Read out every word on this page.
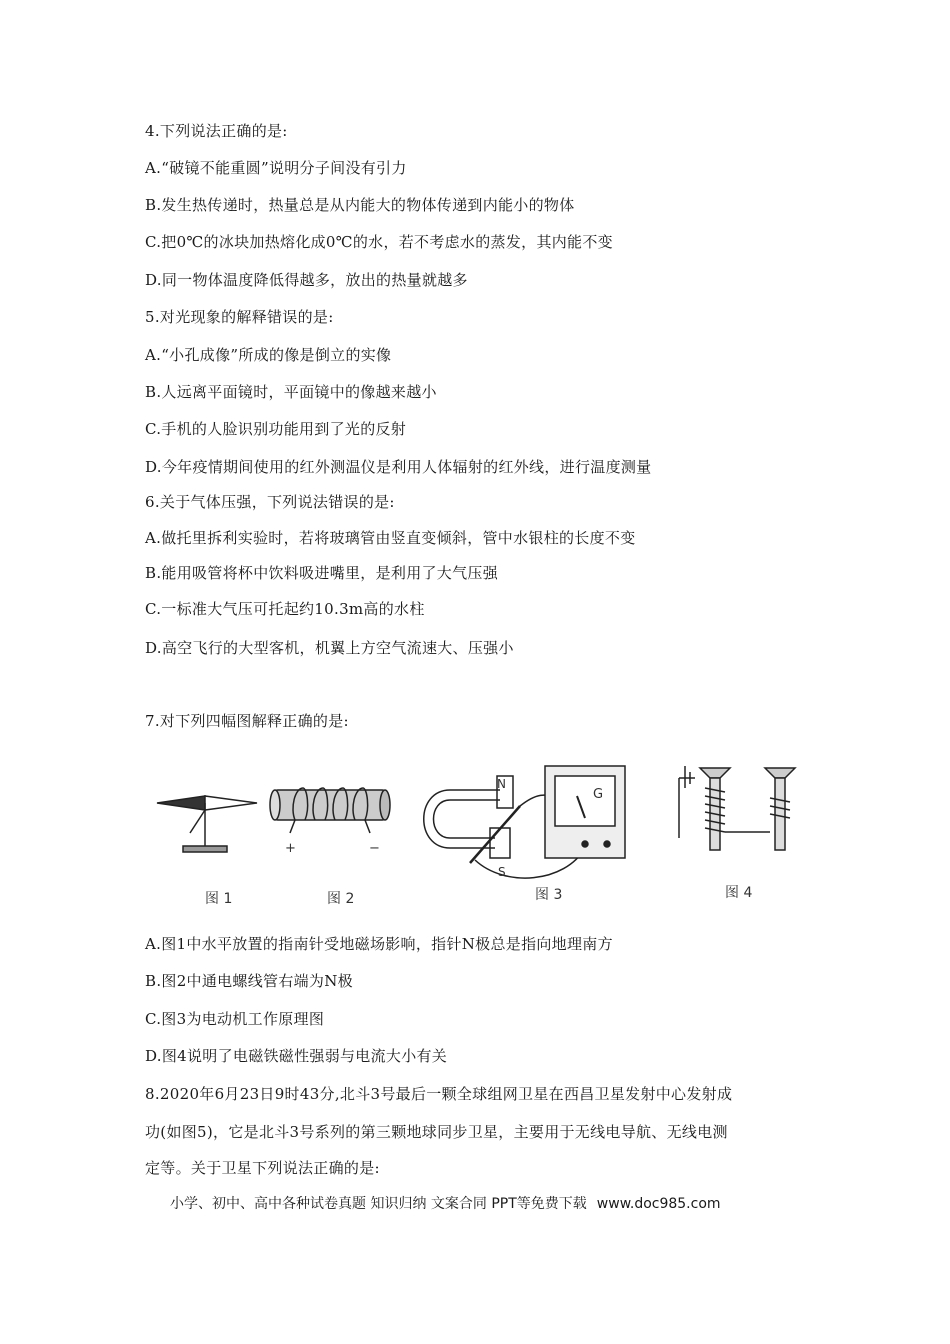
4.下列说法正确的是:
A.“破镜不能重圆”说明分子间没有引力
B.发生热传递时，热量总是从内能大的物体传递到内能小的物体
C.把0℃的冰块加热熔化成0℃的水，若不考虑水的蒸发，其内能不变
D.同一物体温度降低得越多，放出的热量就越多
5.对光现象的解释错误的是:
A.“小孔成像”所成的像是倒立的实像
B.人远离平面镜时，平面镜中的像越来越小
C.手机的人脸识别功能用到了光的反射
D.今年疫情期间使用的红外测温仪是利用人体辐射的红外线，进行温度测量
6.关于气体压强，下列说法错误的是:
A.做托里拆利实验时，若将玻璃管由竖直变倾斜，管中水银柱的长度不变
B.能用吸管将杯中饮料吸进嘴里，是利用了大气压强
C.一标准大气压可托起约10.3m高的水柱
D.高空飞行的大型客机，机翼上方空气流速大、压强小
7.对下列四幅图解释正确的是:
+	−
N
S
G
图 1	图 2	图 3	图 4
A.图1中水平放置的指南针受地磁场影响，指针N极总是指向地理南方
B.图2中通电螺线管右端为N极
C.图3为电动机工作原理图
D.图4说明了电磁铁磁性强弱与电流大小有关
8.2020年6月23日9时43分,北斗3号最后一颗全球组网卫星在西昌卫星发射中心发射成
功(如图5)，它是北斗3号系列的第三颗地球同步卫星，主要用于无线电导航、无线电测
定等。关于卫星下列说法正确的是:
小学、初中、高中各种试卷真题 知识归纳 文案合同 PPT等免费下载 www.doc985.com
